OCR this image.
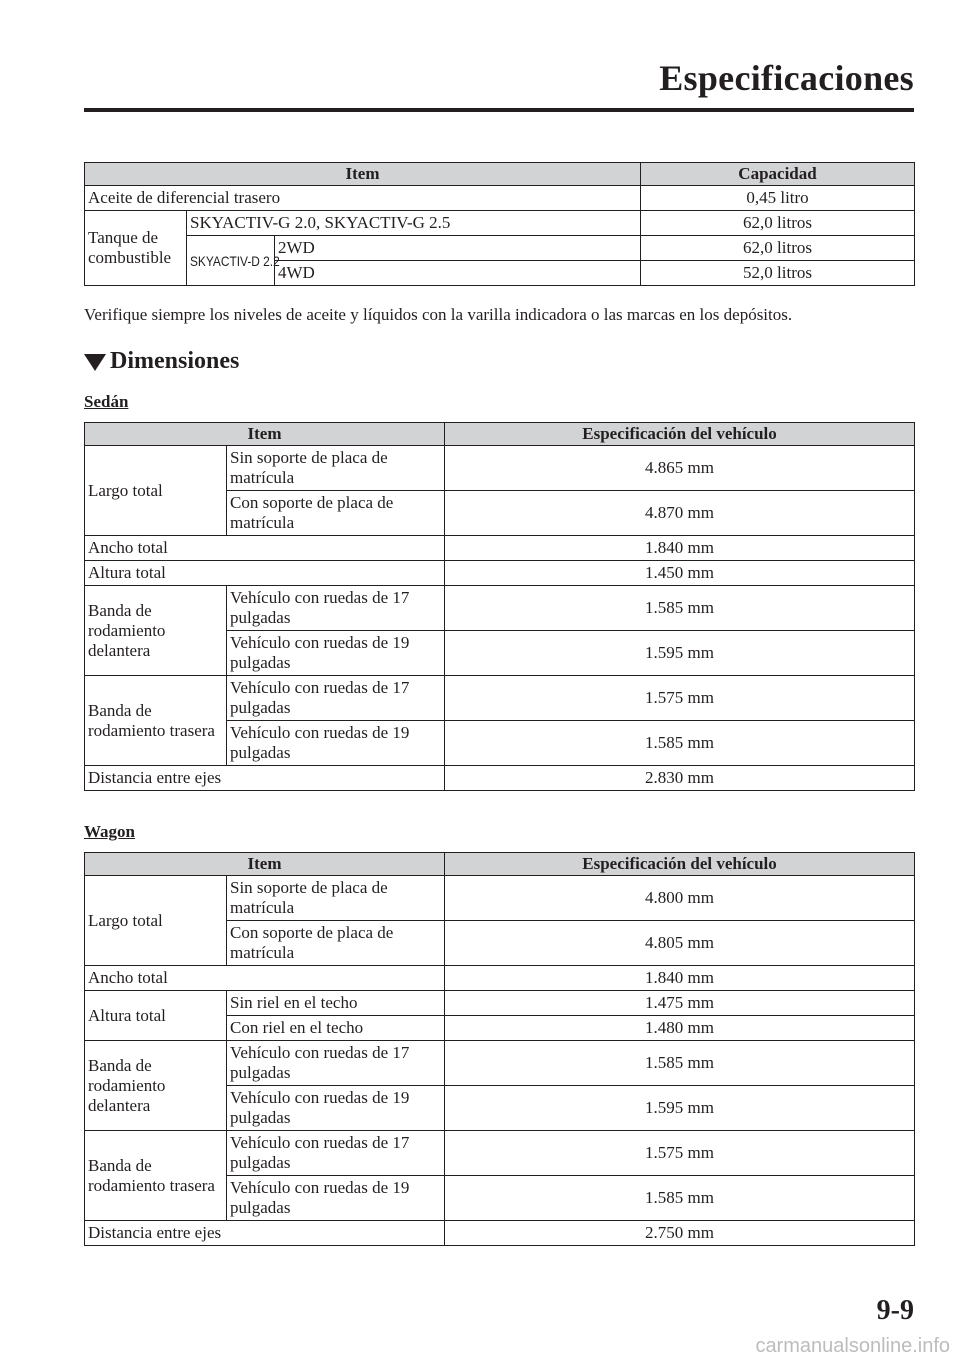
Especificaciones
Item			Capacidad
Aceite de diferencial trasero			0,45 litro
Tanque de combustible	SKYACTIV-G 2.0, SKYACTIV-G 2.5		62,0 litros
	SKYACTIV-D 2.2	2WD	62,0 litros
		4WD	52,0 litros
Verifique siempre los niveles de aceite y líquidos con la varilla indicadora o las marcas en los depósitos.
Dimensiones
Sedán
Item		Especificación del vehículo
Largo total	Sin soporte de placa de matrícula	4.865 mm
	Con soporte de placa de matrícula	4.870 mm
Ancho total		1.840 mm
Altura total		1.450 mm
Banda de rodamiento delantera	Vehículo con ruedas de 17 pulgadas	1.585 mm
	Vehículo con ruedas de 19 pulgadas	1.595 mm
Banda de rodamiento trasera	Vehículo con ruedas de 17 pulgadas	1.575 mm
	Vehículo con ruedas de 19 pulgadas	1.585 mm
Distancia entre ejes		2.830 mm
Wagon
Item		Especificación del vehículo
Largo total	Sin soporte de placa de matrícula	4.800 mm
	Con soporte de placa de matrícula	4.805 mm
Ancho total		1.840 mm
Altura total	Sin riel en el techo	1.475 mm
	Con riel en el techo	1.480 mm
Banda de rodamiento delantera	Vehículo con ruedas de 17 pulgadas	1.585 mm
	Vehículo con ruedas de 19 pulgadas	1.595 mm
Banda de rodamiento trasera	Vehículo con ruedas de 17 pulgadas	1.575 mm
	Vehículo con ruedas de 19 pulgadas	1.585 mm
Distancia entre ejes		2.750 mm
9-9
carmanualsonline.info
